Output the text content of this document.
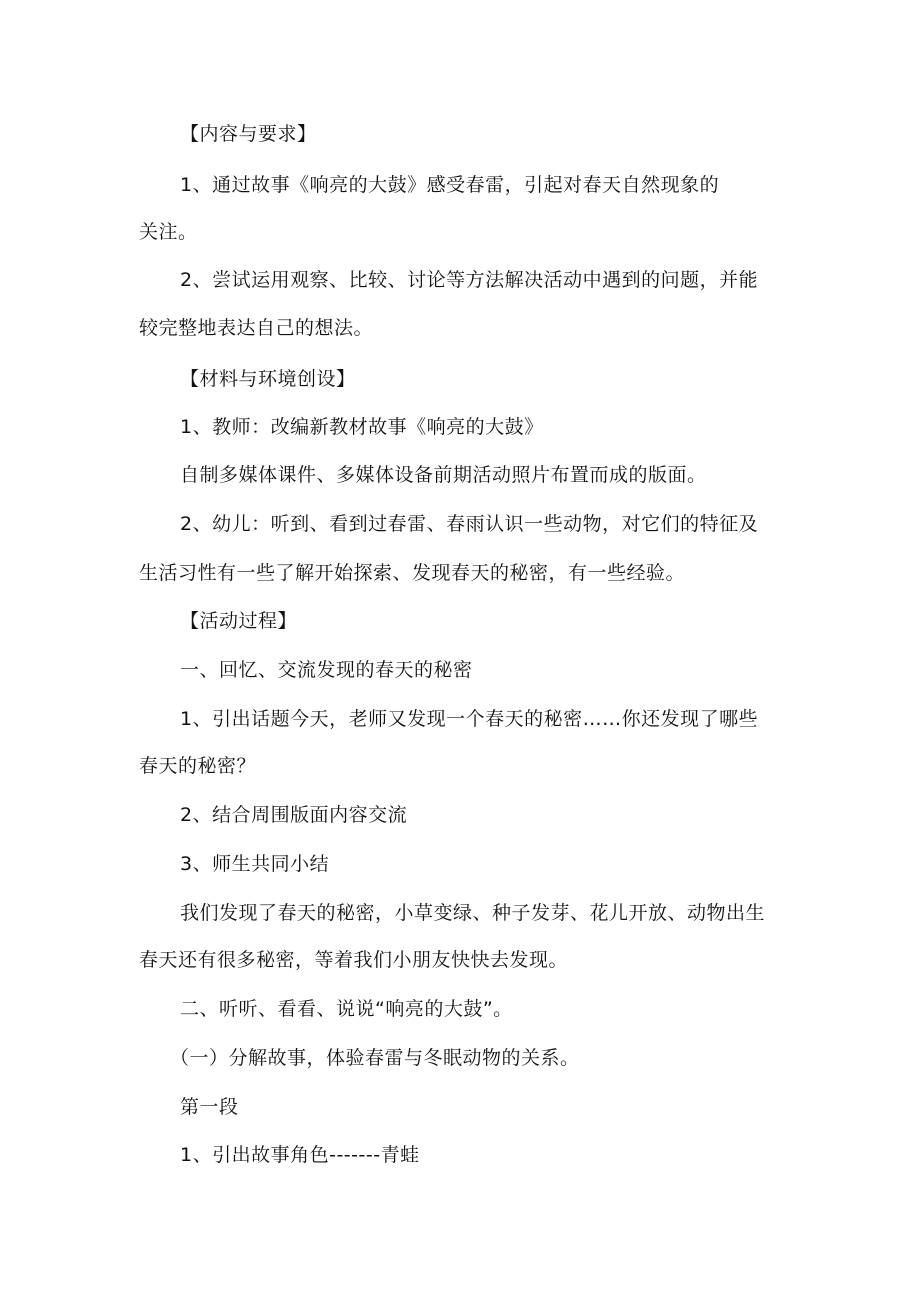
【内容与要求】
1、通过故事《响亮的大鼓》感受春雷，引起对春天自然现象的
关注。
2、尝试运用观察、比较、讨论等方法解决活动中遇到的问题，并能
较完整地表达自己的想法。
【材料与环境创设】
1、教师：改编新教材故事《响亮的大鼓》
自制多媒体课件、多媒体设备前期活动照片布置而成的版面。
2、幼儿：听到、看到过春雷、春雨认识一些动物，对它们的特征及
生活习性有一些了解开始探索、发现春天的秘密，有一些经验。
【活动过程】
一、回忆、交流发现的春天的秘密
1、引出话题今天，老师又发现一个春天的秘密……你还发现了哪些
春天的秘密？
2、结合周围版面内容交流
3、师生共同小结
我们发现了春天的秘密，小草变绿、种子发芽、花儿开放、动物出生
春天还有很多秘密，等着我们小朋友快快去发现。
二、听听、看看、说说“响亮的大鼓”。
（一）分解故事，体验春雷与冬眠动物的关系。
第一段
1、引出故事角色-------青蛙
